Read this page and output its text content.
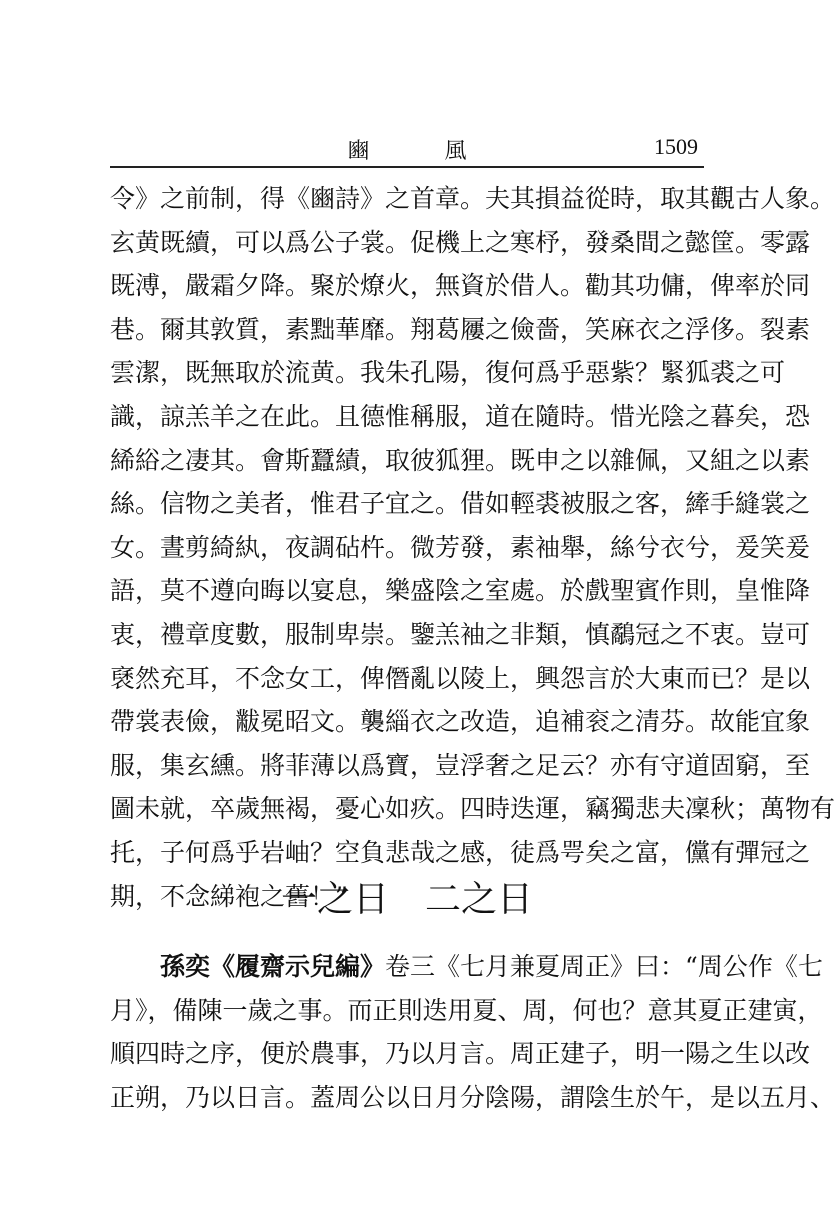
豳 風	1509
令》之前制，得《豳詩》之首章。夫其損益從時，取其觀古人象。
玄黄既續，可以爲公子裳。促機上之寒杼，發桑間之懿筐。零露
既溥，嚴霜夕降。聚於燎火，無資於借人。勸其功傭，俾率於同
巷。爾其敦質，素黜華靡。翔葛屨之儉嗇，笑麻衣之浮侈。裂素
雲潔，既無取於流黄。我朱孔陽，復何爲乎惡紫？緊狐裘之可
識，諒羔羊之在此。且德惟稱服，道在隨時。惜光陰之暮矣，恐
絺綌之凄其。會斯蠶績，取彼狐狸。既申之以雜佩，又組之以素
絲。信物之美者，惟君子宜之。借如輕裘被服之客，縴手縫裳之
女。晝剪綺紈，夜調砧杵。微芳發，素袖舉，絲兮衣兮，爰笑爰
語，莫不遵向晦以宴息，樂盛陰之室處。於戲聖賓作則，皇惟降
衷，禮章度數，服制卑崇。鑒羔袖之非類，慎鷸冠之不衷。豈可
褎然充耳，不念女工，俾僭亂以陵上，興怨言於大東而已？是以
帶裳表儉，黻冕昭文。襲緇衣之改造，追補衮之清芬。故能宜象
服，集玄纁。將菲薄以爲寶，豈浮奢之足云？亦有守道固窮，至
圖未就，卒歲無褐，憂心如疚。四時迭運，竊獨悲夫凜秋；萬物有
托，子何爲乎岩岫？空負悲哉之感，徒爲咢矣之富，儻有彈冠之
期，不念綈袍之舊！”
一之日　二之日
孫奕《履齋示兒編》卷三《七月兼夏周正》曰：“周公作《七
月》，備陳一歲之事。而正則迭用夏、周，何也？意其夏正建寅，
順四時之序，便於農事，乃以月言。周正建子，明一陽之生以改
正朔，乃以日言。蓋周公以日月分陰陽，謂陰生於午，是以五月、
